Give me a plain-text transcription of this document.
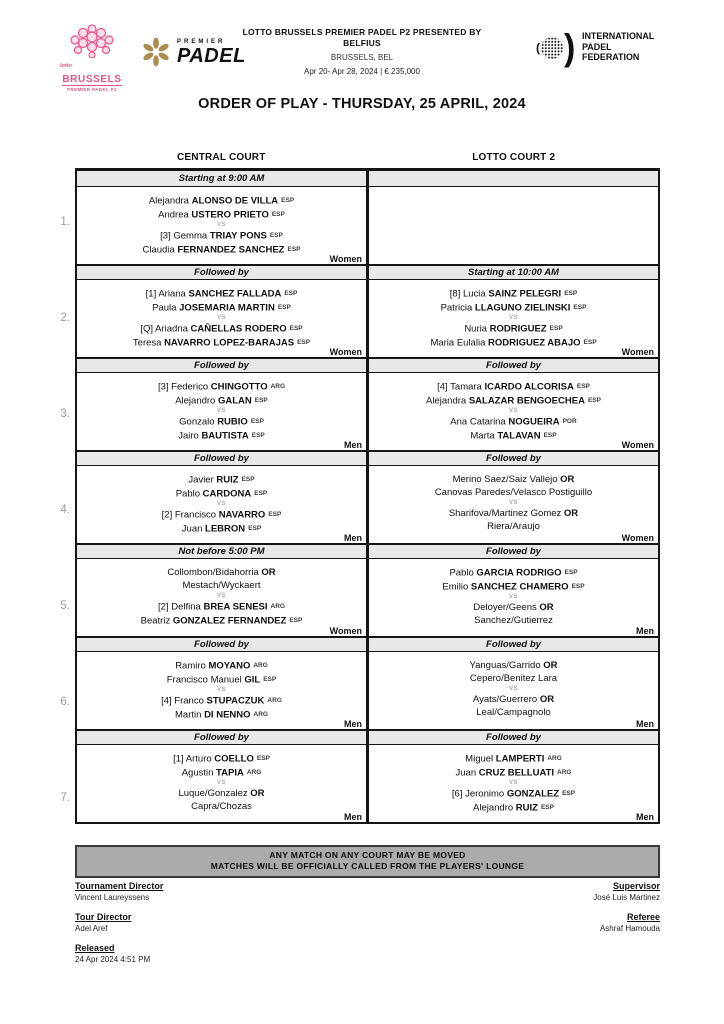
lotto
BRUSSELS
PREMIER PADEL P2
PREMIER
PADEL
LOTTO BRUSSELS PREMIER PADEL P2 PRESENTED BY
BELFIUS
BRUSSELS, BEL
Apr 20- Apr 28, 2024 | € 235,000
( ) INTERNATIONAL
PADEL
FEDERATION
ORDER OF PLAY - THURSDAY, 25 APRIL, 2024
CENTRAL COURT	LOTTO COURT 2
Starting at 9:00 AM
Alejandra ALONSO DE VILLA ESP
Andrea USTERO PRIETO ESP
VS
[3] Gemma TRIAY PONS ESP
Claudia FERNANDEZ SANCHEZ ESP
Women
Followed by	Starting at 10:00 AM
[1] Ariana SANCHEZ FALLADA ESP
Paula JOSEMARIA MARTIN ESP
VS
[Q] Ariadna CAÑELLAS RODERO ESP
Teresa NAVARRO LOPEZ-BARAJAS ESP
Women
[8] Lucia SAINZ PELEGRI ESP
Patricia LLAGUNO ZIELINSKI ESP
VS
Nuria RODRIGUEZ ESP
Maria Eulalia RODRIGUEZ ABAJO ESP
Women
Followed by	Followed by
[3] Federico CHINGOTTO ARG
Alejandro GALAN ESP
VS
Gonzalo RUBIO ESP
Jairo BAUTISTA ESP
Men
[4] Tamara ICARDO ALCORISA ESP
Alejandra SALAZAR BENGOECHEA ESP
VS
Ana Catarina NOGUEIRA POR
Marta TALAVAN ESP
Women
Followed by	Followed by
Javier RUIZ ESP
Pablo CARDONA ESP
VS
[2] Francisco NAVARRO ESP
Juan LEBRON ESP
Men
Merino Saez/Saiz Vallejo OR
Canovas Paredes/Velasco Postiguillo
VS
Sharifova/Martinez Gomez OR
Riera/Araujo
Women
Not before 5:00 PM	Followed by
Collombon/Bidahorria OR
Mestach/Wyckaert
VS
[2] Delfina BREA SENESI ARG
Beatriz GONZALEZ FERNANDEZ ESP
Women
Pablo GARCIA RODRIGO ESP
Emilio SANCHEZ CHAMERO ESP
VS
Deloyer/Geens OR
Sanchez/Gutierrez
Men
Followed by	Followed by
Ramiro MOYANO ARG
Francisco Manuel GIL ESP
VS
[4] Franco STUPACZUK ARG
Martin DI NENNO ARG
Men
Yanguas/Garrido OR
Cepero/Benitez Lara
VS
Ayats/Guerrero OR
Leal/Campagnolo
Men
Followed by	Followed by
[1] Arturo COELLO ESP
Agustin TAPIA ARG
VS
Luque/Gonzalez OR
Capra/Chozas
Men
Miguel LAMPERTI ARG
Juan CRUZ BELLUATI ARG
VS
[6] Jeronimo GONZALEZ ESP
Alejandro RUIZ ESP
Men
1.
2.
3.
4.
5.
6.
7.
ANY MATCH ON ANY COURT MAY BE MOVED
MATCHES WILL BE OFFICIALLY CALLED FROM THE PLAYERS' LOUNGE
Tournament Director
Vincent Laureyssens
Tour Director
Adel Aref
Released
24 Apr 2024 4:51 PM
Supervisor
José Luis Martinez
Referee
Ashraf Hamouda
